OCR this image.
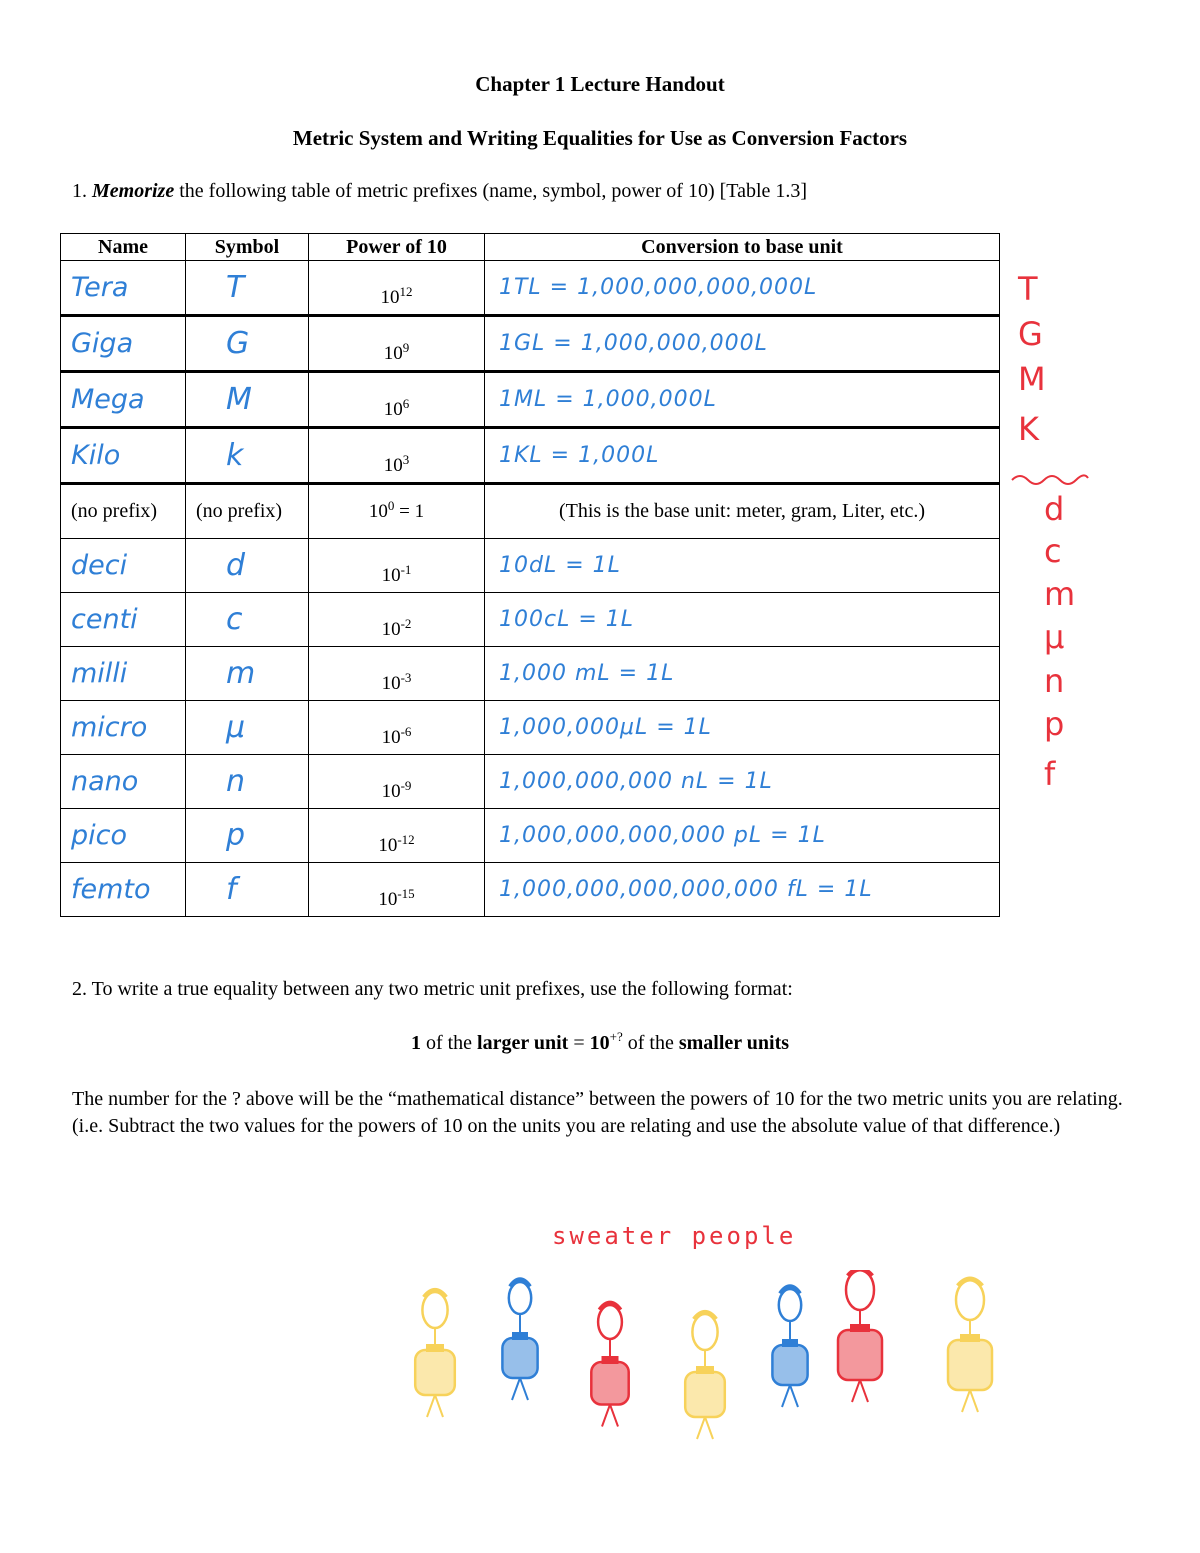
Chapter 1 Lecture Handout
Metric System and Writing Equalities for Use as Conversion Factors
1. Memorize the following table of metric prefixes (name, symbol, power of 10) [Table 1.3]
Name	Symbol	Power of 10	Conversion to base unit
Tera	T	$10^{12}$	1TL = 1,000,000,000,000L
Giga	G	$10^9$	1GL = 1,000,000,000L
Mega	M	$10^6$	1ML = 1,000,000L
Kilo	k	$10^3$	1KL = 1,000L
(no prefix)	(no prefix)	$10^0 = 1$	(This is the base unit: meter, gram, Liter, etc.)
deci	d	$10^{-1}$	10dL = 1L
centi	c	$10^{-2}$	100cL = 1L
milli	m	$10^{-3}$	1,000 mL = 1L
micro	μ	$10^{-6}$	1,000,000μL = 1L
nano	n	$10^{-9}$	1,000,000,000 nL = 1L
pico	p	$10^{-12}$	1,000,000,000,000 pL = 1L
femto	f	$10^{-15}$	1,000,000,000,000,000 fL = 1L
T
G
M
K
d
c
m
μ
n
p
f
2. To write a true equality between any two metric unit prefixes, use the following format:
1 of the larger unit = 10+? of the smaller units
The number for the ? above will be the “mathematical distance” between the powers of 10 for the two metric units you are relating. (i.e. Subtract the two values for the powers of 10 on the units you are relating and use the absolute value of that difference.)
sweater people
